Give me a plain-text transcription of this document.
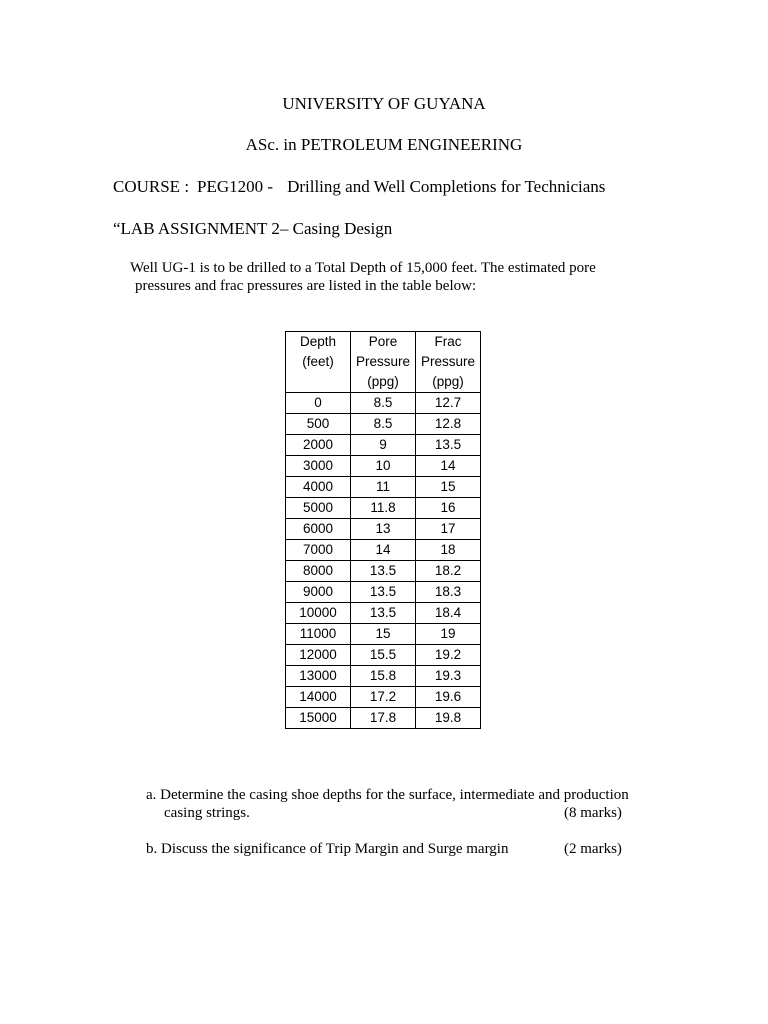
UNIVERSITY OF GUYANA
ASc. in PETROLEUM ENGINEERING
COURSE : PEG1200 - Drilling and Well Completions for Technicians
“LAB ASSIGNMENT 2– Casing Design
Well UG-1 is to be drilled to a Total Depth of 15,000 feet. The estimated pore
pressures and frac pressures are listed in the table below:
Depth	Pore	Frac
(feet)	Pressure	Pressure
	(ppg)	(ppg)
0	8.5	12.7
500	8.5	12.8
2000	9	13.5
3000	10	14
4000	11	15
5000	11.8	16
6000	13	17
7000	14	18
8000	13.5	18.2
9000	13.5	18.3
10000	13.5	18.4
11000	15	19
12000	15.5	19.2
13000	15.8	19.3
14000	17.2	19.6
15000	17.8	19.8
a. Determine the casing shoe depths for the surface, intermediate and production
casing strings.	(8 marks)
b. Discuss the significance of Trip Margin and Surge margin	(2 marks)
